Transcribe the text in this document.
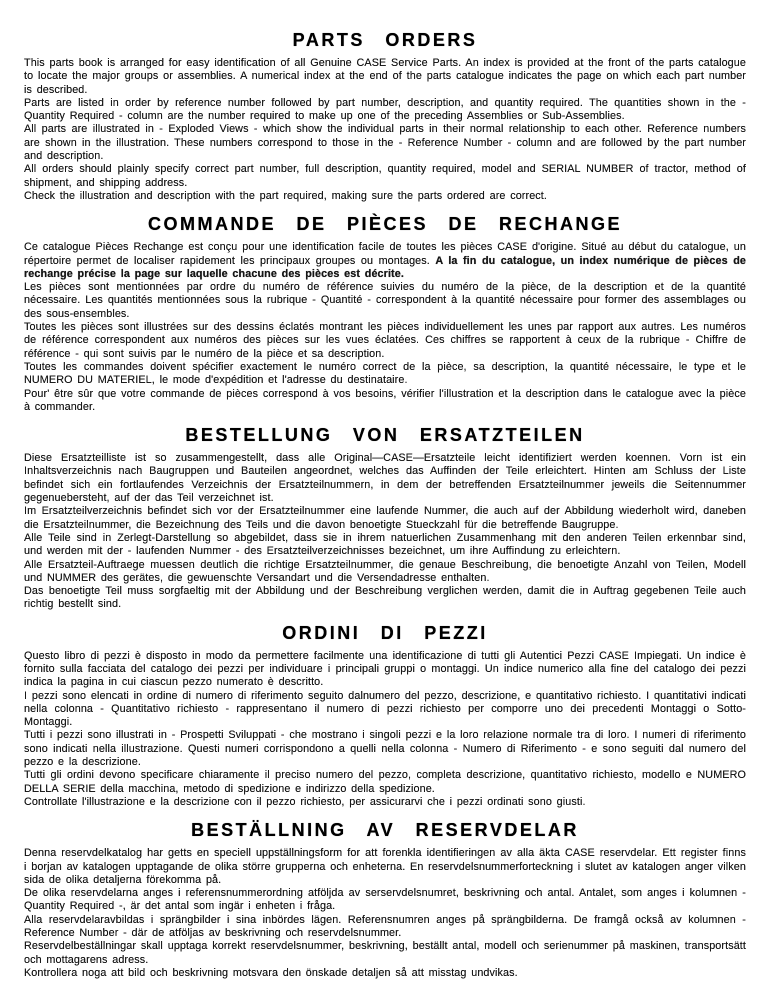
PARTS ORDERS

This parts book is arranged for easy identification of all Genuine CASE Service Parts. An index is provided at the front of the parts catalogue to locate the major groups or assemblies. A numerical index at the end of the parts catalogue indicates the page on which each part number is described.

Parts are listed in order by reference number followed by part number, description, and quantity required. The quantities shown in the - Quantity Required - column are the number required to make up one of the preceding Assemblies or Sub-Assemblies.

All parts are illustrated in - Exploded Views - which show the individual parts in their normal relationship to each other. Reference numbers are shown in the illustration. These numbers correspond to those in the - Reference Number - column and are followed by the part number and description.

All orders should plainly specify correct part number, full description, quantity required, model and SERIAL NUMBER of tractor, method of shipment, and shipping address.

Check the illustration and description with the part required, making sure the parts ordered are correct.

COMMANDE DE PIÈCES DE RECHANGE

Ce catalogue Pièces Rechange est conçu pour une identification facile de toutes les pièces CASE d'origine. Situé au début du catalogue, un répertoire permet de localiser rapidement les principaux groupes ou montages. A la fin du catalogue, un index numérique de pièces de rechange précise la page sur laquelle chacune des pièces est décrite.

Les pièces sont mentionnées par ordre du numéro de référence suivies du numéro de la pièce, de la description et de la quantité nécessaire. Les quantités mentionnées sous la rubrique - Quantité - correspondent à la quantité nécessaire pour former des assemblages ou des sous-ensembles.

Toutes les pièces sont illustrées sur des dessins éclatés montrant les pièces individuellement les unes par rapport aux autres. Les numéros de référence correspondent aux numéros des pièces sur les vues éclatées. Ces chiffres se rapportent à ceux de la rubrique - Chiffre de référence - qui sont suivis par le numéro de la pièce et sa description.

Toutes les commandes doivent spécifier exactement le numéro correct de la pièce, sa description, la quantité nécessaire, le type et le NUMERO DU MATERIEL, le mode d'expédition et l'adresse du destinataire.

Pour' être sûr que votre commande de pièces correspond à vos besoins, vérifier l'illustration et la description dans le catalogue avec la pièce à commander.

BESTELLUNG VON ERSATZTEILEN

Diese Ersatzteilliste ist so zusammengestellt, dass alle Original—CASE—Ersatzteile leicht identifiziert werden koennen. Vorn ist ein Inhaltsverzeichnis nach Baugruppen und Bauteilen angeordnet, welches das Auffinden der Teile erleichtert. Hinten am Schluss der Liste befindet sich ein fortlaufendes Verzeichnis der Ersatzteilnummern, in dem der betreffenden Ersatzteilnummer jeweils die Seitennummer gegenuebersteht, auf der das Teil verzeichnet ist.

Im Ersatzteilverzeichnis befindet sich vor der Ersatzteilnummer eine laufende Nummer, die auch auf der Abbildung wiederholt wird, daneben die Ersatzteilnummer, die Bezeichnung des Teils und die davon benoetigte Stueckzahl für die betreffende Baugruppe.

Alle Teile sind in Zerlegt-Darstellung so abgebildet, dass sie in ihrem natuerlichen Zusammenhang mit den anderen Teilen erkennbar sind, und werden mit der - laufenden Nummer - des Ersatzteilverzeichnisses bezeichnet, um ihre Auffindung zu erleichtern.

Alle Ersatzteil-Auftraege muessen deutlich die richtige Ersatzteilnummer, die genaue Beschreibung, die benoetigte Anzahl von Teilen, Modell und NUMMER des gerätes, die gewuenschte Versandart und die Versendadresse enthalten.

Das benoetigte Teil muss sorgfaeltig mit der Abbildung und der Beschreibung verglichen werden, damit die in Auftrag gegebenen Teile auch richtig bestellt sind.

ORDINI DI PEZZI

Questo libro di pezzi è disposto in modo da permettere facilmente una identificazione di tutti gli Autentici Pezzi CASE Impiegati. Un indice è fornito sulla facciata del catalogo dei pezzi per individuare i principali gruppi o montaggi. Un indice numerico alla fine del catalogo dei pezzi indica la pagina in cui ciascun pezzo numerato è descritto.

I pezzi sono elencati in ordine di numero di riferimento seguito dalnumero del pezzo, descrizione, e quantitativo richiesto. I quantitativi indicati nella colonna - Quantitativo richiesto - rappresentano il numero di pezzi richiesto per comporre uno dei precedenti Montaggi o Sotto- Montaggi.

Tutti i pezzi sono illustrati in - Prospetti Sviluppati - che mostrano i singoli pezzi e la loro relazione normale tra di loro. I numeri di riferimento sono indicati nella illustrazione. Questi numeri corrispondono a quelli nella colonna - Numero di Riferimento - e sono seguiti dal numero del pezzo e la descrizione.

Tutti gli ordini devono specificare chiaramente il preciso numero del pezzo, completa descrizione, quantitativo richiesto, modello e NUMERO DELLA SERIE della macchina, metodo di spedizione e indirizzo della spedizione.

Controllate l'illustrazione e la descrizione con il pezzo richiesto, per assicurarvi che i pezzi ordinati sono giusti.

BESTÄLLNING AV RESERVDELAR

Denna reservdelkatalog har getts en speciell uppställningsform for att forenkla identifieringen av alla äkta CASE reservdelar. Ett register finns i borjan av katalogen upptagande de olika större grupperna och enheterna. En reservdelsnummerforteckning i slutet av katalogen anger vilken sida de olika detaljerna förekomma på.

De olika reservdelarna anges i referensnummerordning atföljda av serservdelsnumret, beskrivning och antal. Antalet, som anges i kolumnen - Quantity Required -, är det antal som ingär i enheten i fråga.

Alla reservdelaravbildas i sprängbilder i sina inbördes lägen. Referensnumren anges på sprängbilderna. De framgå också av kolumnen - Reference Number - där de atföljas av beskrivning och reservdelsnummer.

Reservdelbeställningar skall upptaga korrekt reservdelsnummer, beskrivning, beställt antal, modell och serienummer på maskinen, transportsätt och mottagarens adress.

Kontrollera noga att bild och beskrivning motsvara den önskade detaljen så att misstag undvikas.
